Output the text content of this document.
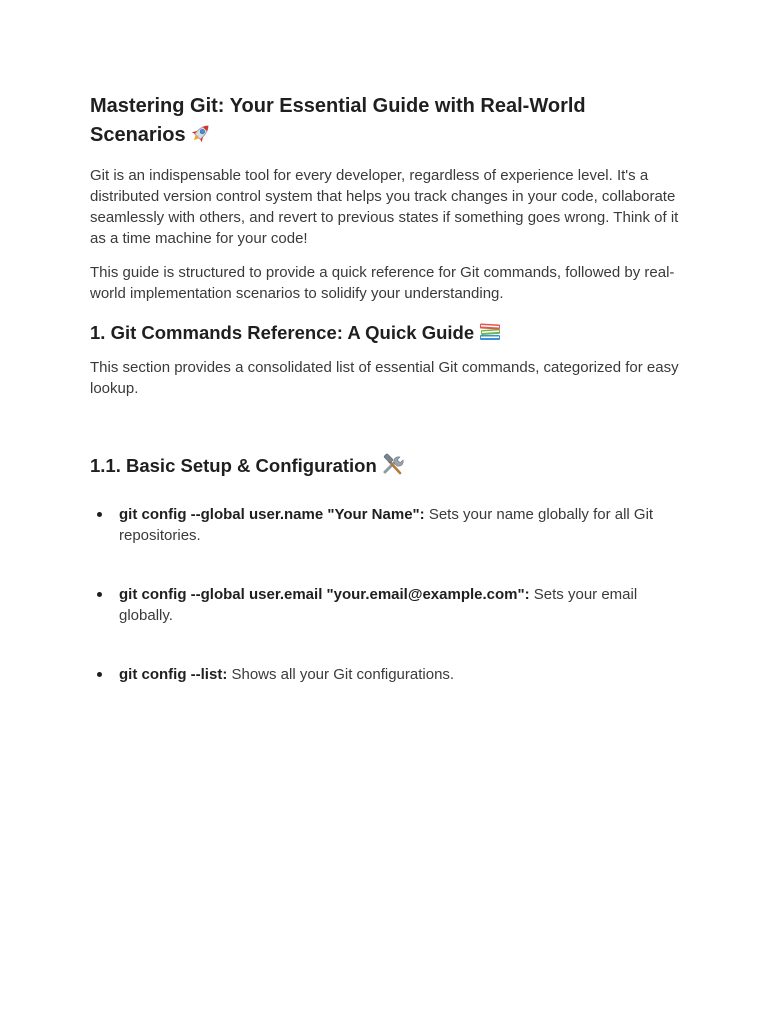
Mastering Git: Your Essential Guide with Real-World Scenarios

Git is an indispensable tool for every developer, regardless of experience level. It's a distributed version control system that helps you track changes in your code, collaborate seamlessly with others, and revert to previous states if something goes wrong. Think of it as a time machine for your code!

This guide is structured to provide a quick reference for Git commands, followed by real-world implementation scenarios to solidify your understanding.

1. Git Commands Reference: A Quick Guide

This section provides a consolidated list of essential Git commands, categorized for easy lookup.

1.1. Basic Setup & Configuration
git config --global user.name "Your Name": Sets your name globally for all Git repositories.
git config --global user.email "your.email@example.com": Sets your email globally.
git config --list: Shows all your Git configurations.
